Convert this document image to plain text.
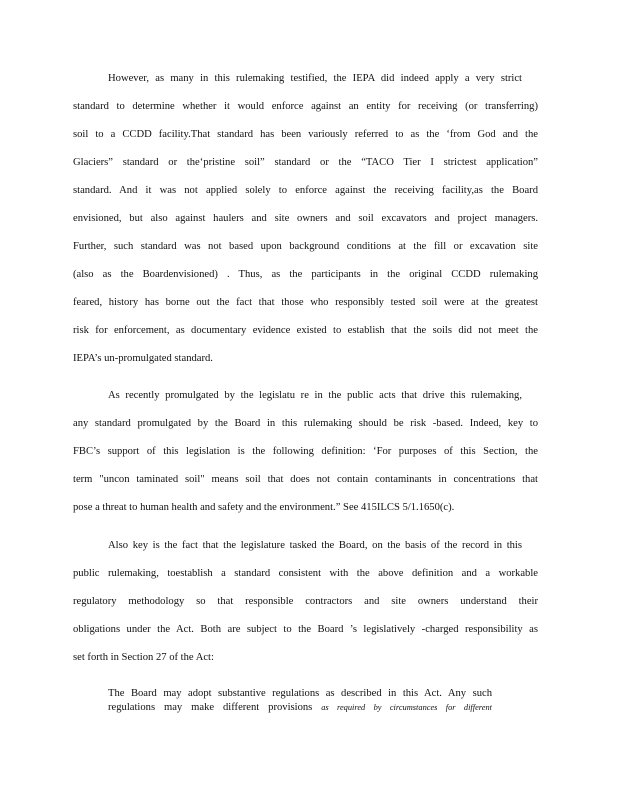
However, as many in this rulemaking testified, the IEPA did indeed apply a very strict
standard to determine whether it would enforce against an entity for receiving (or transferring)
soil to a CCDD facility.That standard has been variously referred to as the ‘from God and the
Glaciers” standard or the‘pristine soil” standard or the “TACO Tier I strictest application”
standard. And it was not applied solely to enforce against the receiving facility,as the Board
envisioned, but also against haulers and site owners and soil excavators and project managers.
Further, such standard was not based upon background conditions at the fill or excavation site
(also as the Boardenvisioned) . Thus, as the participants in the original CCDD rulemaking
feared, history has borne out the fact that those who responsibly tested soil were at the greatest
risk for enforcement, as documentary evidence existed to establish that the soils did not meet the
IEPA’s un-promulgated standard.
As recently promulgated by the legislatu re in the public acts that drive this rulemaking,
any standard promulgated by the Board in this rulemaking should be risk -based. Indeed, key to
FBC’s support of this legislation is the following definition: ‘For purposes of this Section, the
term "uncon taminated soil" means soil that does not contain contaminants in concentrations that
pose a threat to human health and safety and the environment.” See 415ILCS 5/1.1650(c).
Also key is the fact that the legislature tasked the Board, on the basis of the record in this
public rulemaking, toestablish a standard consistent with the above definition and a workable
regulatory methodology so that responsible contractors and site owners understand their
obligations under the Act. Both are subject to the Board ’s legislatively -charged responsibility as
set forth in Section 27 of the Act:
The Board may adopt substantive regulations as described in this Act. Any such
regulations may make different provisions as required by circumstances for different
